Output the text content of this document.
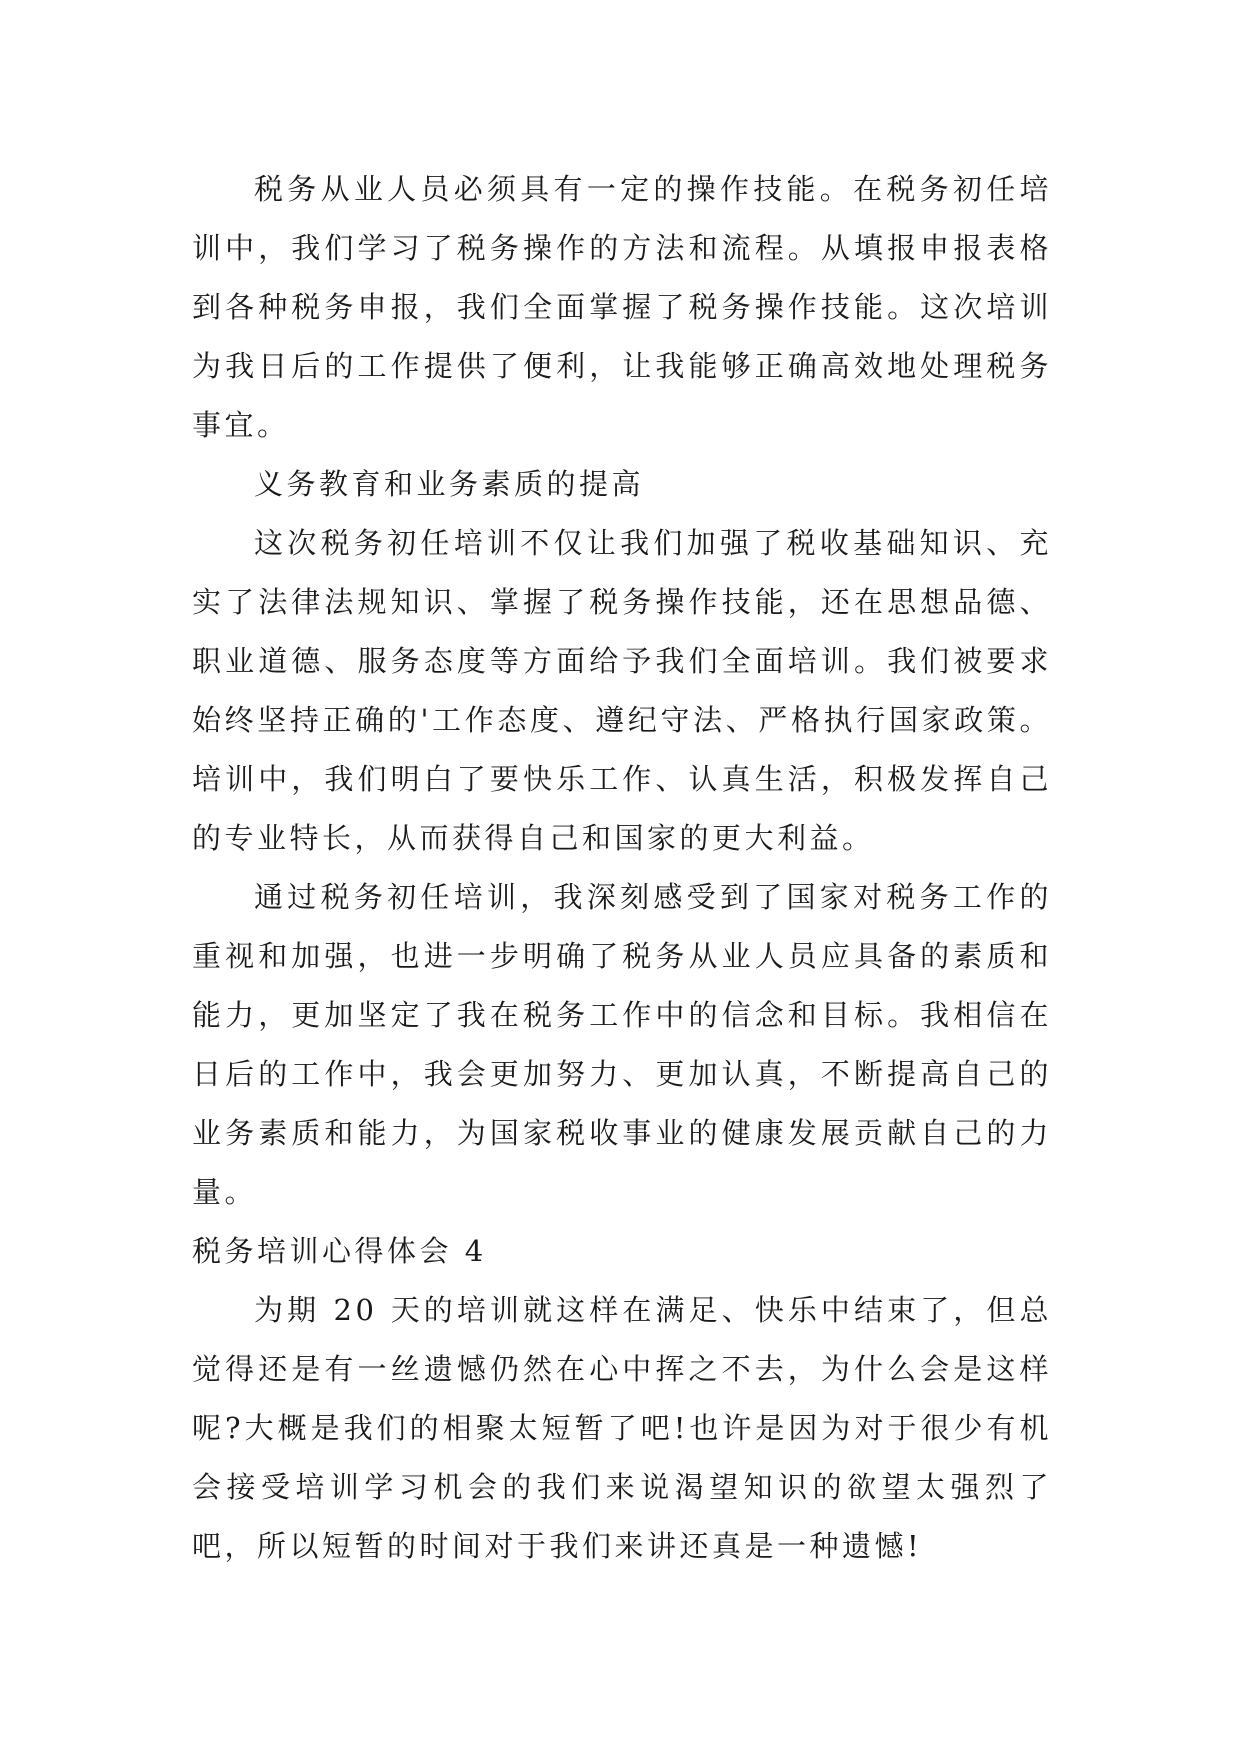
税务从业人员必须具有一定的操作技能。在税务初任培训中，我们学习了税务操作的方法和流程。从填报申报表格到各种税务申报，我们全面掌握了税务操作技能。这次培训为我日后的工作提供了便利，让我能够正确高效地处理税务事宜。

义务教育和业务素质的提高

这次税务初任培训不仅让我们加强了税收基础知识、充实了法律法规知识、掌握了税务操作技能，还在思想品德、职业道德、服务态度等方面给予我们全面培训。我们被要求始终坚持正确的'工作态度、遵纪守法、严格执行国家政策。培训中，我们明白了要快乐工作、认真生活，积极发挥自己的专业特长，从而获得自己和国家的更大利益。

通过税务初任培训，我深刻感受到了国家对税务工作的重视和加强，也进一步明确了税务从业人员应具备的素质和能力，更加坚定了我在税务工作中的信念和目标。我相信在日后的工作中，我会更加努力、更加认真，不断提高自己的业务素质和能力，为国家税收事业的健康发展贡献自己的力量。

税务培训心得体会 4

为期 20 天的培训就这样在满足、快乐中结束了，但总觉得还是有一丝遗憾仍然在心中挥之不去，为什么会是这样呢?大概是我们的相聚太短暂了吧!也许是因为对于很少有机会接受培训学习机会的我们来说渴望知识的欲望太强烈了吧，所以短暂的时间对于我们来讲还真是一种遗憾!
